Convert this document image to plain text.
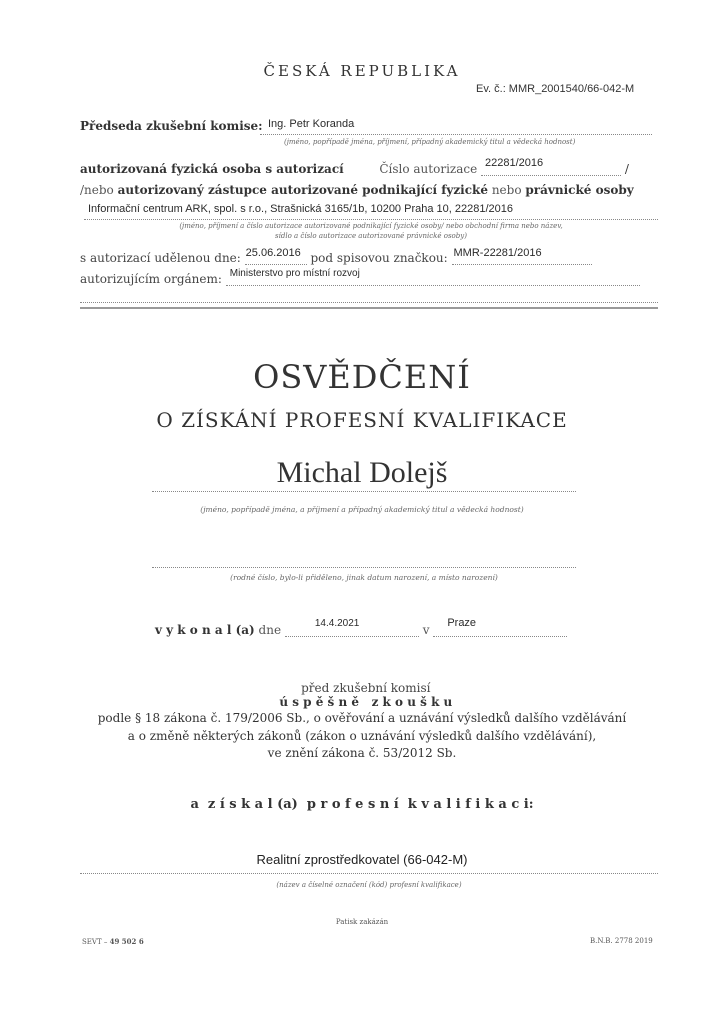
ČESKÁ REPUBLIKA
Ev. č.: MMR_2001540/66-042-M
Předseda zkušební komise: Ing. Petr Koranda
(jméno, popřípadě jména, příjmení, případný akademický titul a vědecká hodnost)
autorizovaná fyzická osoba s autorizací	Číslo autorizace 22281/2016	/
/nebo autorizovaný zástupce autorizované podnikající fyzické nebo právnické osoby
Informační centrum ARK, spol. s r.o., Strašnická 3165/1b, 10200 Praha 10, 22281/2016
(jméno, příjmení a číslo autorizace autorizované podnikající fyzické osoby/ nebo obchodní firma nebo název,
sídlo a číslo autorizace autorizované právnické osoby)
s autorizací udělenou dne: 25.06.2016 pod spisovou značkou: MMR-22281/2016
autorizujícím orgánem: Ministerstvo pro místní rozvoj
OSVĚDČENÍ
O ZÍSKÁNÍ PROFESNÍ KVALIFIKACE
Michal Dolejš
(jméno, popřípadě jména, a příjmení a případný akademický titul a vědecká hodnost)
(rodné číslo, bylo-li přiděleno, jinak datum narození, a místo narození)
v y k o n a l (a) dne	14.4.2021	v Praze

před zkušební komisí
ú s p ě š n ě   z k o u š k u

podle § 18 zákona č. 179/2006 Sb., o ověřování a uznávání výsledků dalšího vzdělávání
a o změně některých zákonů (zákon o uznávání výsledků dalšího vzdělávání),
ve znění zákona č. 53/2012 Sb.
a  z í s k a l (a)  p r o f e s n í  k v a l i f i k a c i:
Realitní zprostředkovatel (66-042-M)
(název a číselné označení (kód) profesní kvalifikace)
Patisk zakázán
SEVT – 49 502 6	B.N.B. 2778 2019
